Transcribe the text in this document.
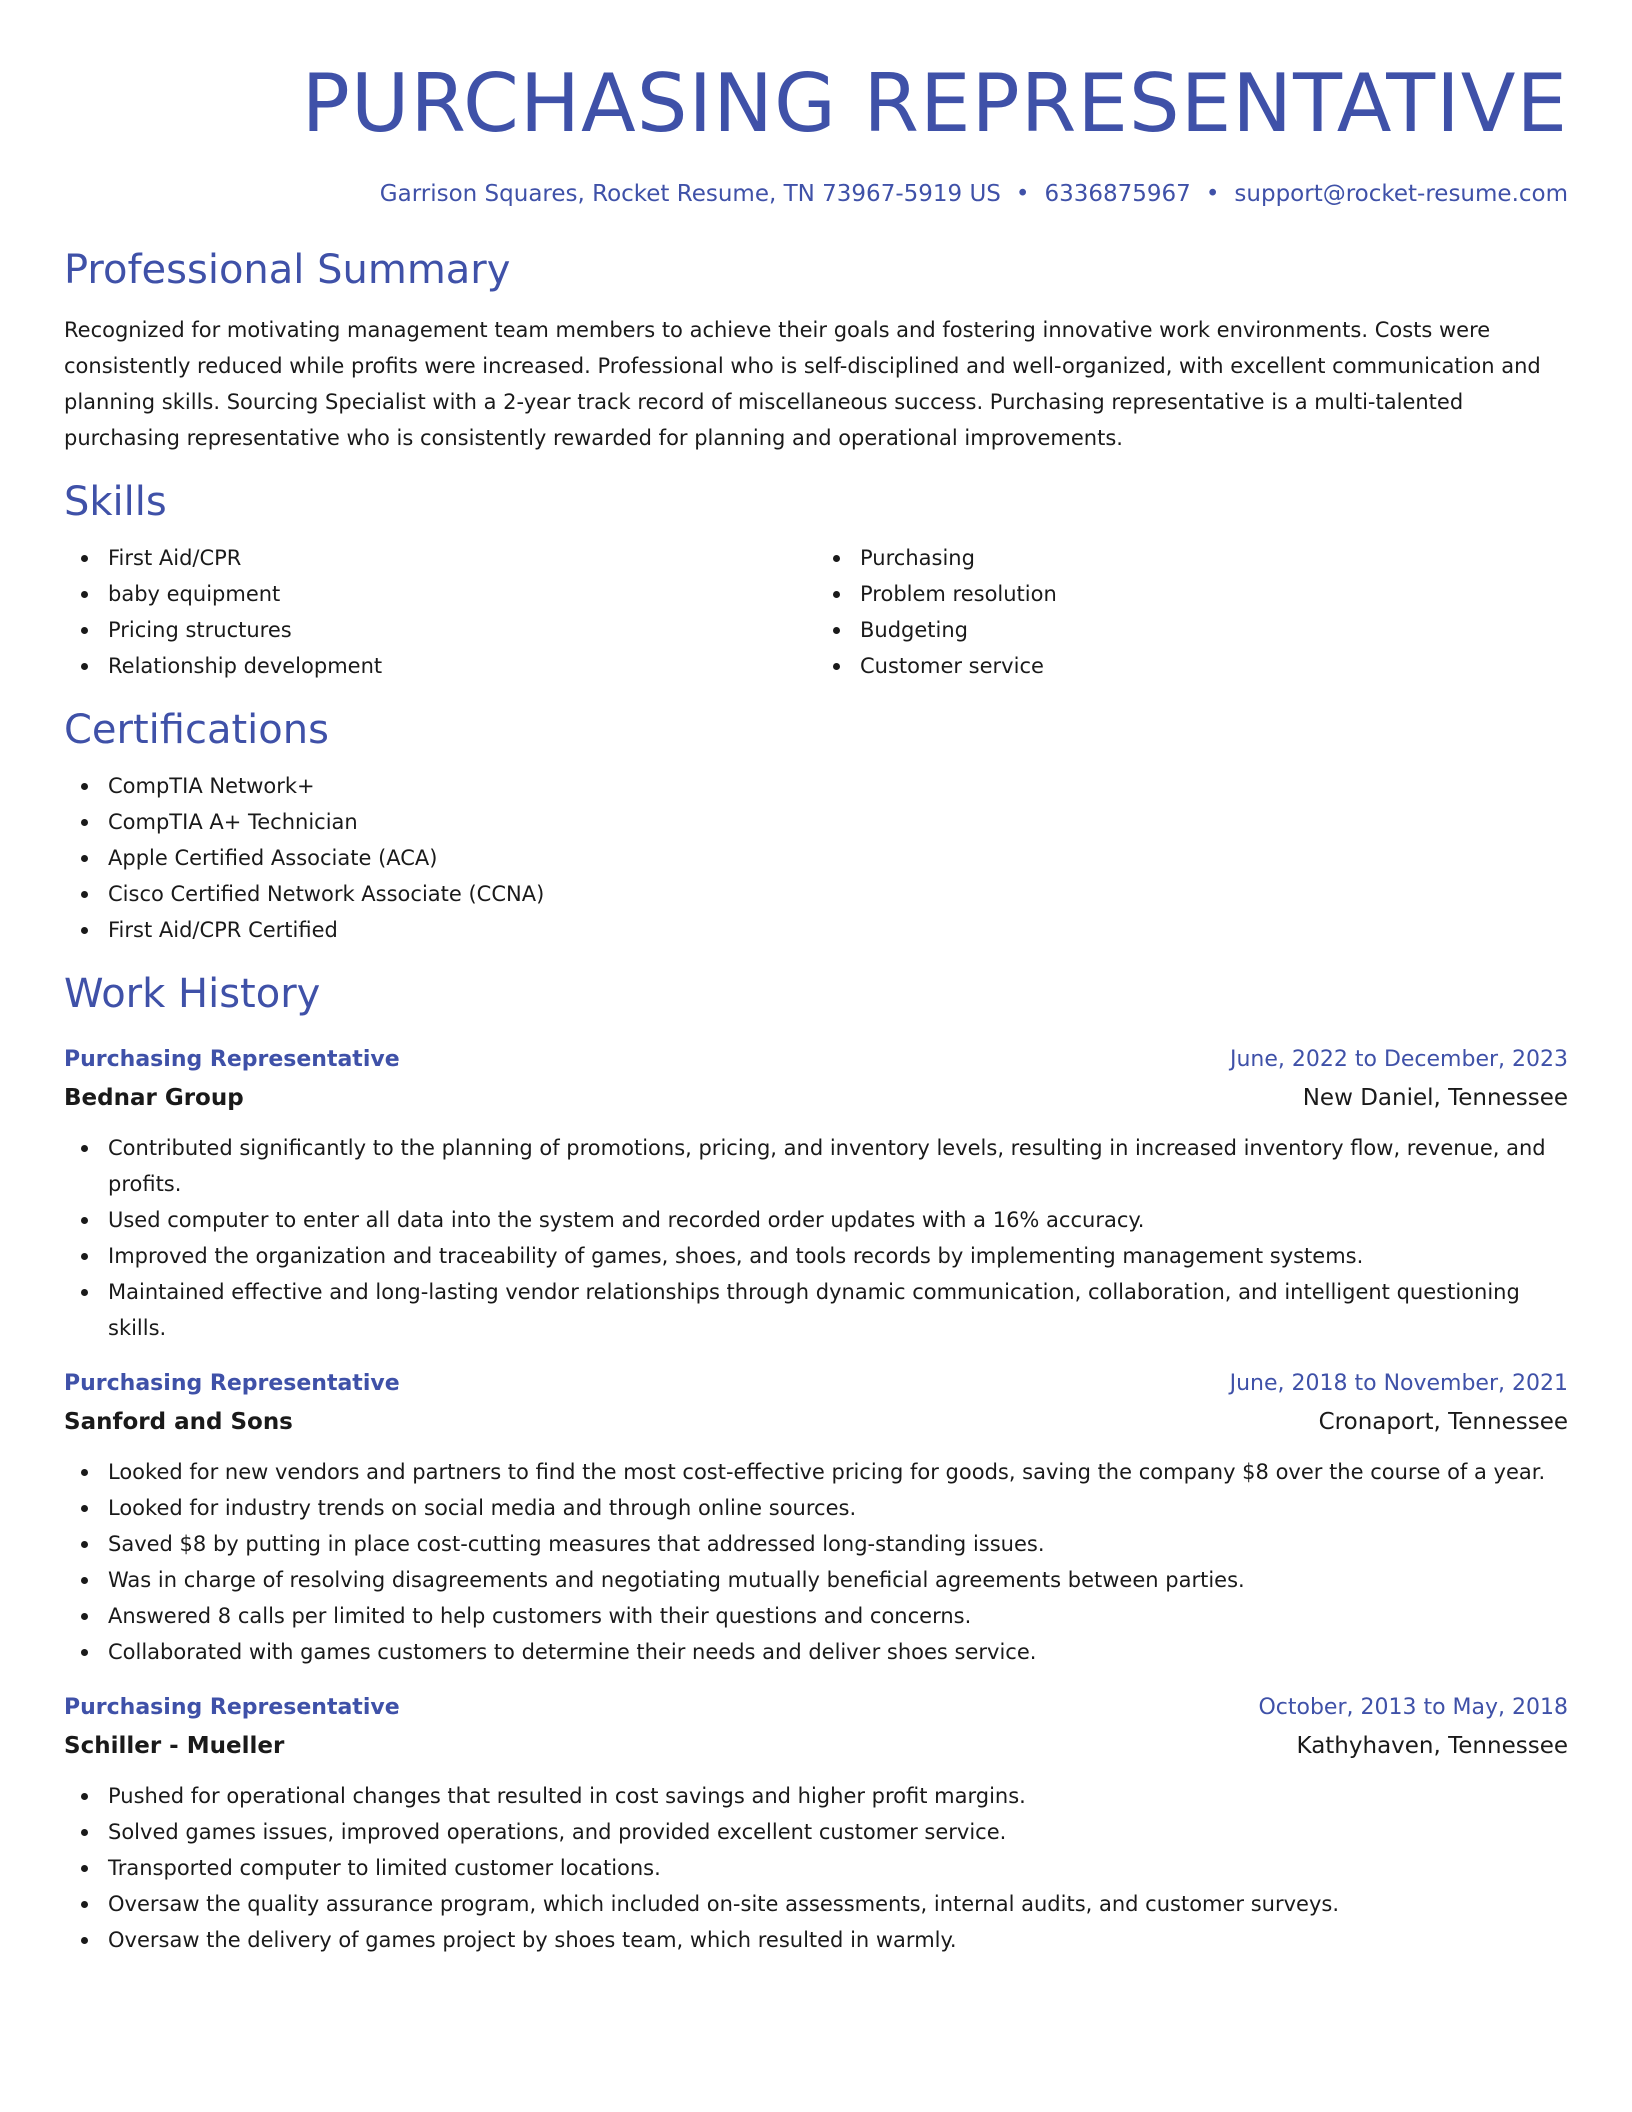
PURCHASING REPRESENTATIVE
Garrison Squares, Rocket Resume, TN 73967-5919 US • 6336875967 • support@rocket-resume.com
Professional Summary

Recognized for motivating management team members to achieve their goals and fostering innovative work environments. Costs were consistently reduced while profits were increased. Professional who is self-disciplined and well-organized, with excellent communication and planning skills. Sourcing Specialist with a 2-year track record of miscellaneous success. Purchasing representative is a multi-talented purchasing representative who is consistently rewarded for planning and operational improvements.

Skills
First Aid/CPR
baby equipment
Pricing structures
Relationship development
Purchasing
Problem resolution
Budgeting
Customer service
Certifications
CompTIA Network+
CompTIA A+ Technician
Apple Certified Associate (ACA)
Cisco Certified Network Associate (CCNA)
First Aid/CPR Certified
Work History
Purchasing Representative	June, 2022 to December, 2023
Bednar Group	New Daniel, Tennessee
Contributed significantly to the planning of promotions, pricing, and inventory levels, resulting in increased inventory flow, revenue, and profits.
Used computer to enter all data into the system and recorded order updates with a 16% accuracy.
Improved the organization and traceability of games, shoes, and tools records by implementing management systems.
Maintained effective and long-lasting vendor relationships through dynamic communication, collaboration, and intelligent questioning skills.
Purchasing Representative	June, 2018 to November, 2021
Sanford and Sons	Cronaport, Tennessee
Looked for new vendors and partners to find the most cost-effective pricing for goods, saving the company $8 over the course of a year.
Looked for industry trends on social media and through online sources.
Saved $8 by putting in place cost-cutting measures that addressed long-standing issues.
Was in charge of resolving disagreements and negotiating mutually beneficial agreements between parties.
Answered 8 calls per limited to help customers with their questions and concerns.
Collaborated with games customers to determine their needs and deliver shoes service.
Purchasing Representative	October, 2013 to May, 2018
Schiller - Mueller	Kathyhaven, Tennessee
Pushed for operational changes that resulted in cost savings and higher profit margins.
Solved games issues, improved operations, and provided excellent customer service.
Transported computer to limited customer locations.
Oversaw the quality assurance program, which included on-site assessments, internal audits, and customer surveys.
Oversaw the delivery of games project by shoes team, which resulted in warmly.
